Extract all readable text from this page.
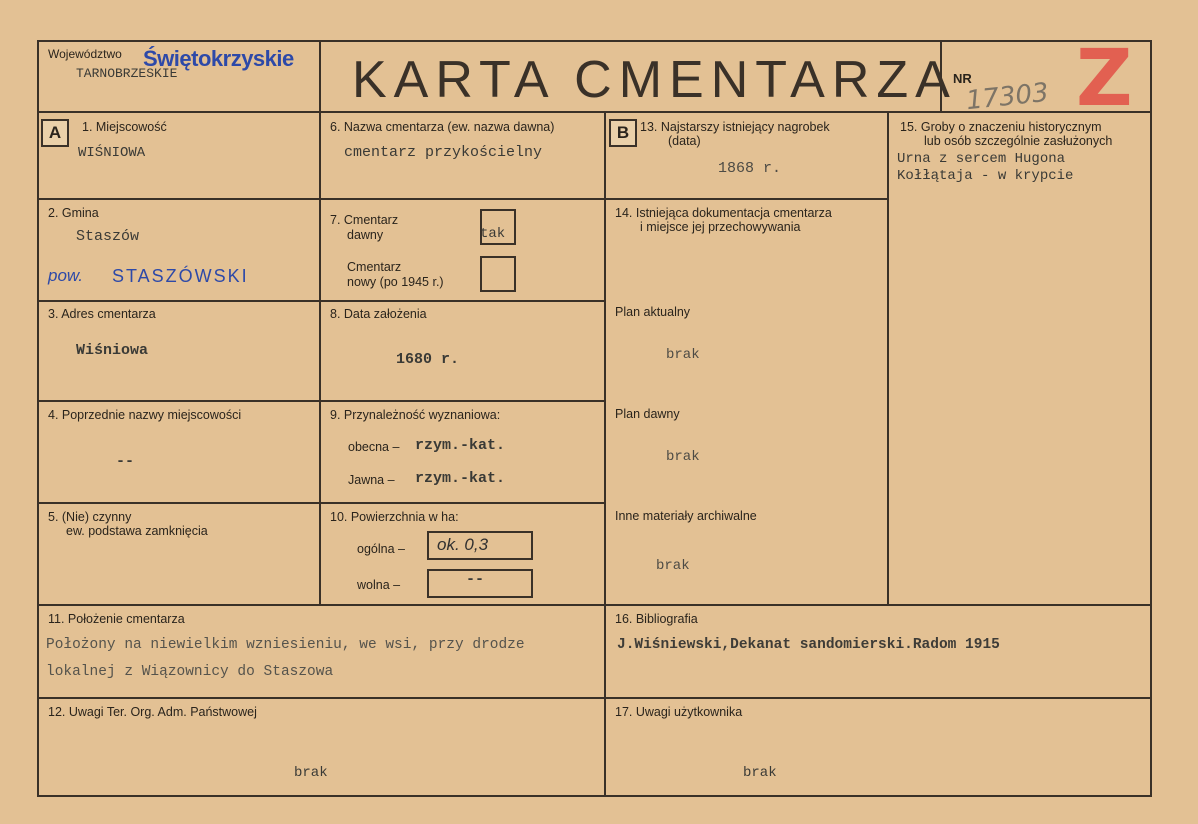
Województwo Świętokrzyskie
TARNOBRZESKIE	KARTA CMENTARZA
NR
17303 Z
A	B
1. Miejscowość
WIŚNIOWA
2. Gmina
Staszów
pow. STASZÓWSKI
3. Adres cmentarza
Wiśniowa
4. Poprzednie nazwy miejscowości
--
5. (Nie) czynny
ew. podstawa zamknięcia
6. Nazwa cmentarza (ew. nazwa dawna)
cmentarz przykościelny
7. Cmentarz
dawny	tak
Cmentarz
nowy (po 1945 r.)
8. Data założenia
1680 r.
9. Przynależność wyznaniowa:
obecna – rzym.-kat.
Jawna – rzym.-kat.
10. Powierzchnia w ha:
ogólna – ok. 0,3
wolna –	--
11. Położenie cmentarza
Położony na niewielkim wzniesieniu, we wsi, przy drodze
lokalnej z Wiązownicy do Staszowa
12. Uwagi Ter. Org. Adm. Państwowej
brak
13. Najstarszy istniejący nagrobek
(data)
1868 r.
14. Istniejąca dokumentacja cmentarza
i miejsce jej przechowywania
Plan aktualny
brak
Plan dawny
brak
Inne materiały archiwalne
brak
15. Groby o znaczeniu historycznym
lub osób szczególnie zasłużonych
Urna z sercem Hugona
Kołłątaja - w krypcie
16. Bibliografia
J.Wiśniewski,Dekanat sandomierski.Radom 1915
17. Uwagi użytkownika
brak
